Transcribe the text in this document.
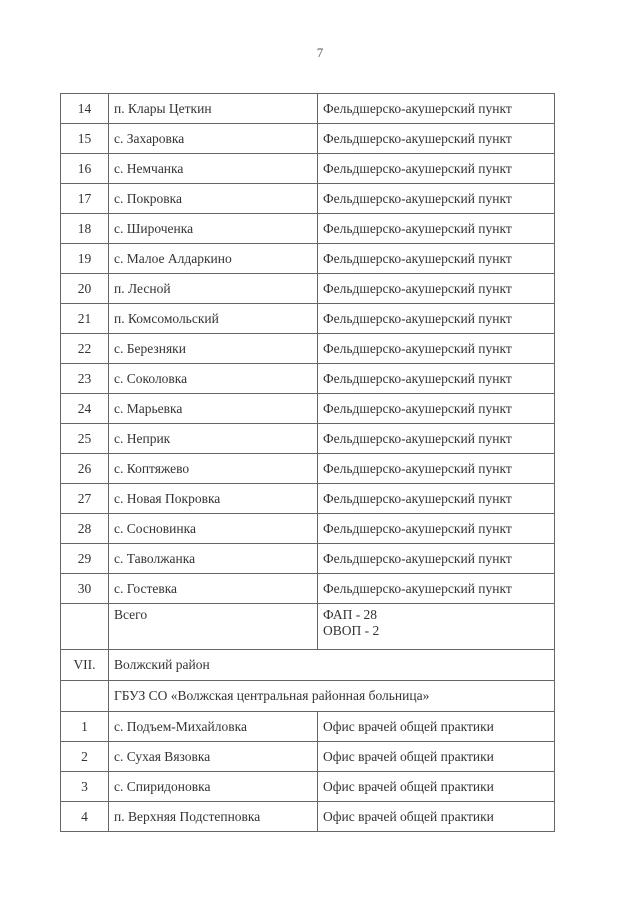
7
14	п. Клары Цеткин	Фельдшерско-акушерский пункт
15	с. Захаровка	Фельдшерско-акушерский пункт
16	с. Немчанка	Фельдшерско-акушерский пункт
17	с. Покровка	Фельдшерско-акушерский пункт
18	с. Широченка	Фельдшерско-акушерский пункт
19	с. Малое Алдаркино	Фельдшерско-акушерский пункт
20	п. Лесной	Фельдшерско-акушерский пункт
21	п. Комсомольский	Фельдшерско-акушерский пункт
22	с. Березняки	Фельдшерско-акушерский пункт
23	с. Соколовка	Фельдшерско-акушерский пункт
24	с. Марьевка	Фельдшерско-акушерский пункт
25	с. Неприк	Фельдшерско-акушерский пункт
26	с. Коптяжево	Фельдшерско-акушерский пункт
27	с. Новая Покровка	Фельдшерско-акушерский пункт
28	с. Сосновинка	Фельдшерско-акушерский пункт
29	с. Таволжанка	Фельдшерско-акушерский пункт
30	с. Гостевка	Фельдшерско-акушерский пункт
	Всего	ФАП - 28
ОВОП - 2

VII.	Волжский район	
	ГБУЗ СО «Волжская центральная районная больница»	
1	с. Подъем-Михайловка	Офис врачей общей практики
2	с. Сухая Вязовка	Офис врачей общей практики
3	с. Спиридоновка	Офис врачей общей практики
4	п. Верхняя Подстепновка	Офис врачей общей практики
